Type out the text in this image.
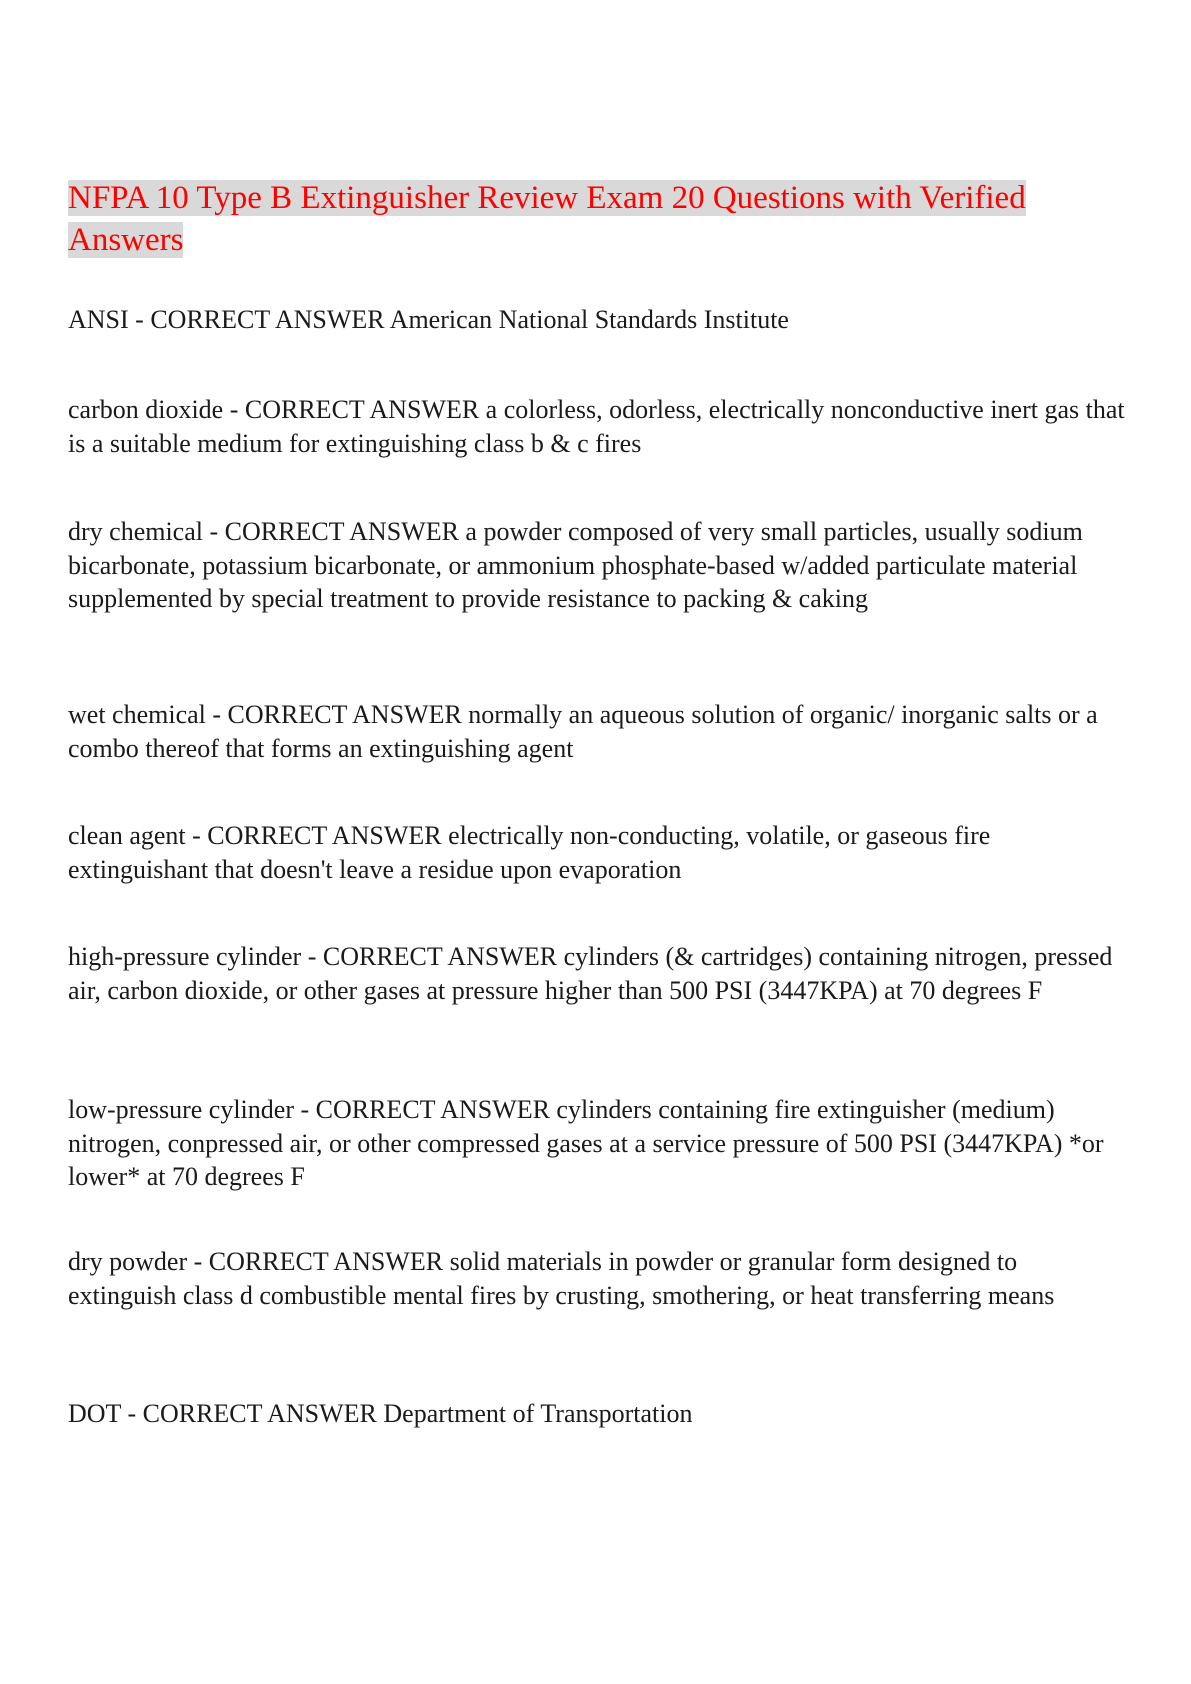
NFPA 10 Type B Extinguisher Review Exam 20 Questions with Verified Answers

ANSI - CORRECT ANSWER American National Standards Institute

carbon dioxide - CORRECT ANSWER a colorless, odorless, electrically nonconductive inert gas that is a suitable medium for extinguishing class b & c fires

dry chemical - CORRECT ANSWER a powder composed of very small particles, usually sodium bicarbonate, potassium bicarbonate, or ammonium phosphate-based w/added particulate material supplemented by special treatment to provide resistance to packing & caking

wet chemical - CORRECT ANSWER normally an aqueous solution of organic/ inorganic salts or a combo thereof that forms an extinguishing agent

clean agent - CORRECT ANSWER electrically non-conducting, volatile, or gaseous fire extinguishant that doesn't leave a residue upon evaporation

high-pressure cylinder - CORRECT ANSWER cylinders (& cartridges) containing nitrogen, pressed air, carbon dioxide, or other gases at pressure higher than 500 PSI (3447KPA) at 70 degrees F

low-pressure cylinder - CORRECT ANSWER cylinders containing fire extinguisher (medium) nitrogen, conpressed air, or other compressed gases at a service pressure of 500 PSI (3447KPA) *or lower* at 70 degrees F

dry powder - CORRECT ANSWER solid materials in powder or granular form designed to extinguish class d combustible mental fires by crusting, smothering, or heat transferring means

DOT - CORRECT ANSWER Department of Transportation
